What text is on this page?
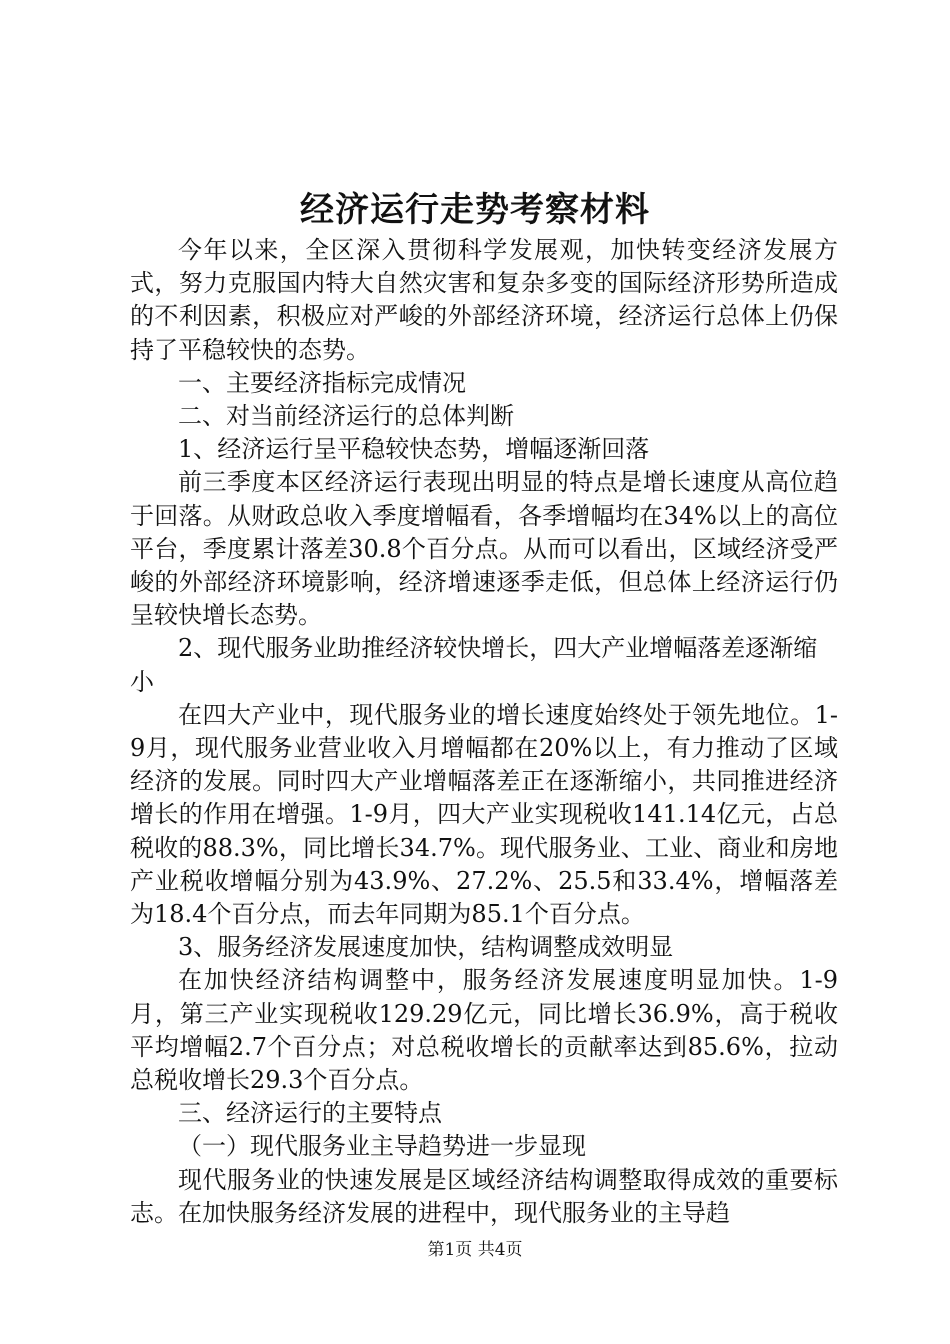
经济运行走势考察材料

今年以来，全区深入贯彻科学发展观，加快转变经济发展方式，努力克服国内特大自然灾害和复杂多变的国际经济形势所造成的不利因素，积极应对严峻的外部经济环境，经济运行总体上仍保持了平稳较快的态势。

一、主要经济指标完成情况

二、对当前经济运行的总体判断

1、经济运行呈平稳较快态势，增幅逐渐回落

前三季度本区经济运行表现出明显的特点是增长速度从高位趋于回落。从财政总收入季度增幅看，各季增幅均在34%以上的高位平台，季度累计落差30.8个百分点。从而可以看出，区域经济受严峻的外部经济环境影响，经济增速逐季走低，但总体上经济运行仍呈较快增长态势。

2、现代服务业助推经济较快增长，四大产业增幅落差逐渐缩小

在四大产业中，现代服务业的增长速度始终处于领先地位。1-9月，现代服务业营业收入月增幅都在20%以上，有力推动了区域经济的发展。同时四大产业增幅落差正在逐渐缩小，共同推进经济增长的作用在增强。1-9月，四大产业实现税收141.14亿元，占总税收的88.3%，同比增长34.7%。现代服务业、工业、商业和房地产业税收增幅分别为43.9%、27.2%、25.5和33.4%，增幅落差为18.4个百分点，而去年同期为85.1个百分点。

3、服务经济发展速度加快，结构调整成效明显

在加快经济结构调整中，服务经济发展速度明显加快。1-9月，第三产业实现税收129.29亿元，同比增长36.9%，高于税收平均增幅2.7个百分点；对总税收增长的贡献率达到85.6%，拉动总税收增长29.3个百分点。

三、经济运行的主要特点

（一）现代服务业主导趋势进一步显现

现代服务业的快速发展是区域经济结构调整取得成效的重要标志。在加快服务经济发展的进程中，现代服务业的主导趋

第1页 共4页
